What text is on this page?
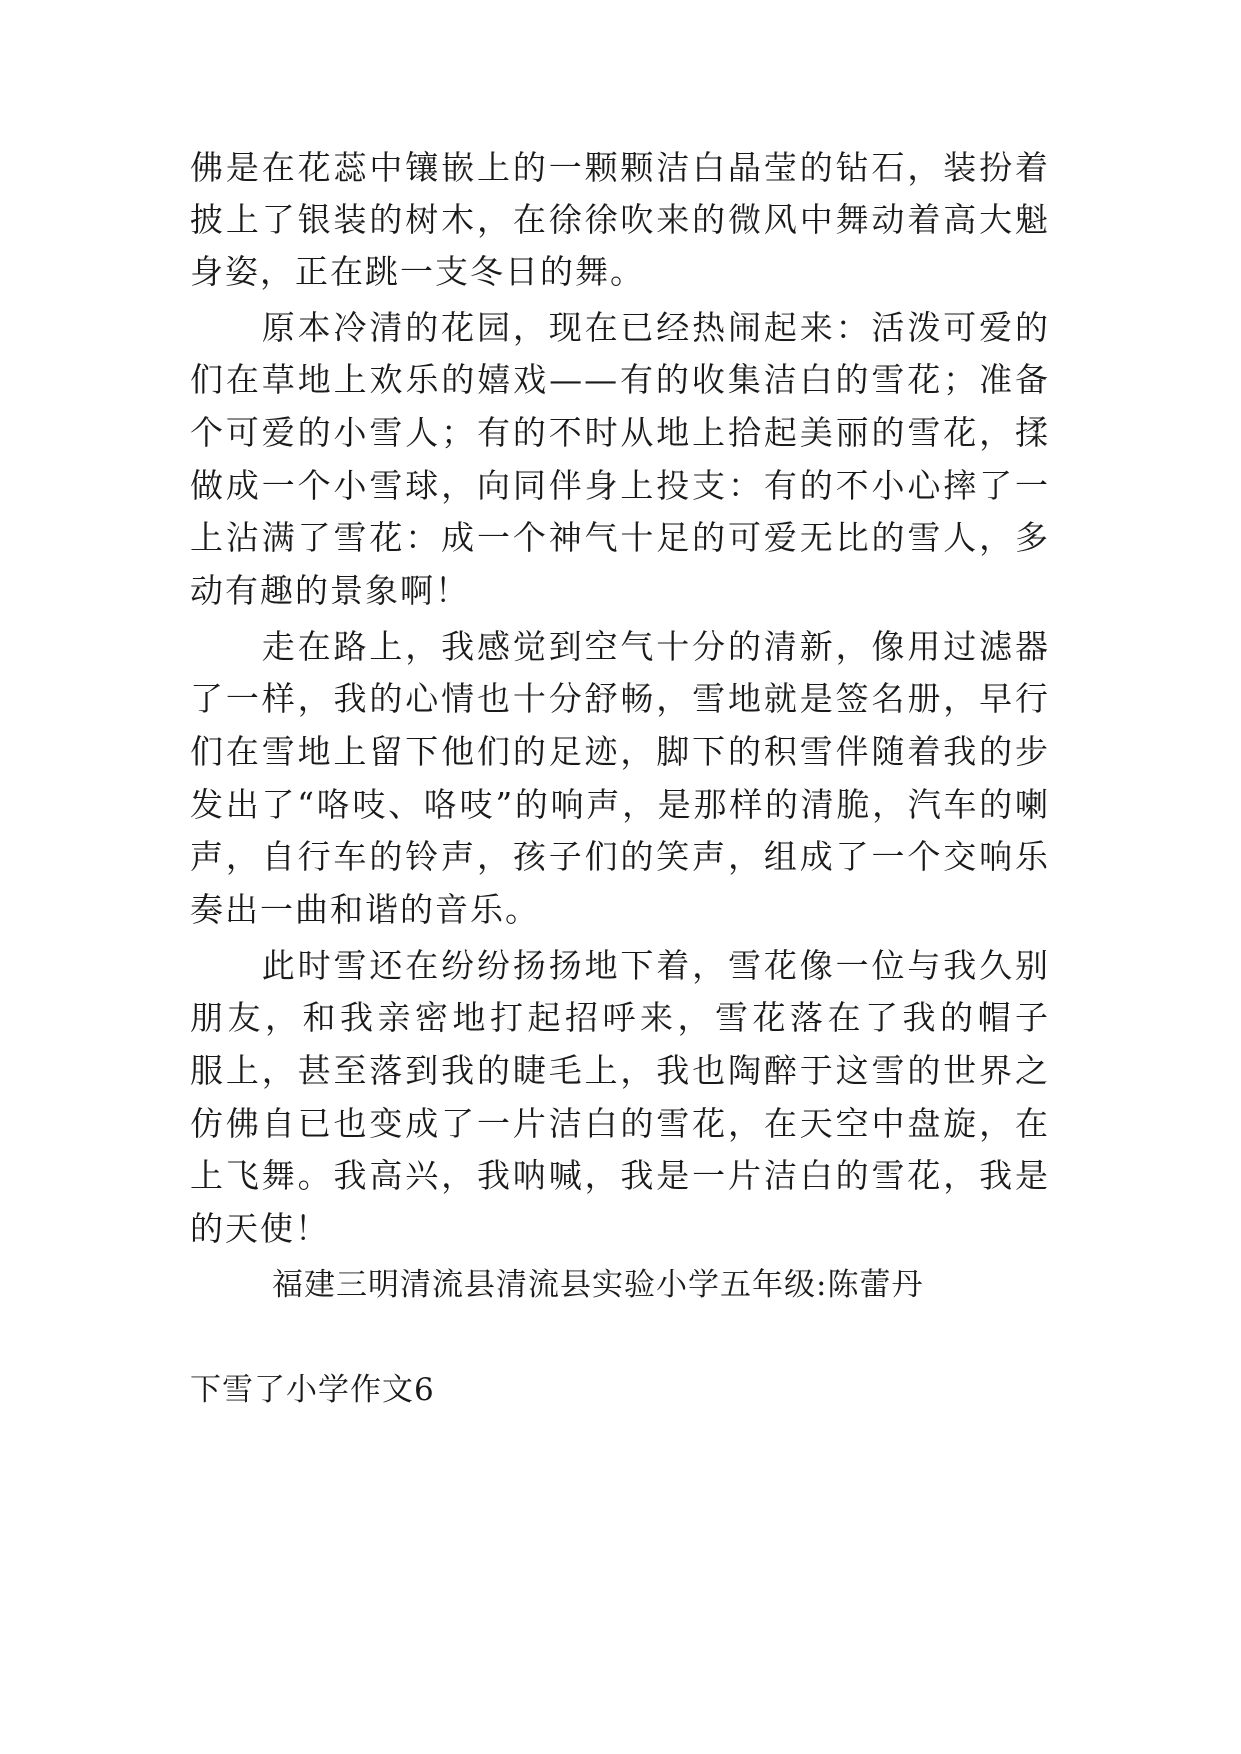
佛是在花蕊中镶嵌上的一颗颗洁白晶莹的钻石，装扮着
披上了银装的树木，在徐徐吹来的微风中舞动着高大魁
身姿，正在跳一支冬日的舞。
　　原本冷清的花园，现在已经热闹起来：活泼可爱的
们在草地上欢乐的嬉戏——有的收集洁白的雪花；准备
个可爱的小雪人；有的不时从地上拾起美丽的雪花，揉
做成一个小雪球，向同伴身上投支：有的不小心摔了一
上沾满了雪花：成一个神气十足的可爱无比的雪人，多
动有趣的景象啊！
　　走在路上，我感觉到空气十分的清新，像用过滤器
了一样，我的心情也十分舒畅，雪地就是签名册，早行
们在雪地上留下他们的足迹，脚下的积雪伴随着我的步
发出了“咯吱、咯吱”的响声，是那样的清脆，汽车的喇
声，自行车的铃声，孩子们的笑声，组成了一个交响乐
奏出一曲和谐的音乐。
　　此时雪还在纷纷扬扬地下着，雪花像一位与我久别
朋友，和我亲密地打起招呼来，雪花落在了我的帽子
服上，甚至落到我的睫毛上，我也陶醉于这雪的世界之
仿佛自已也变成了一片洁白的雪花，在天空中盘旋，在
上飞舞。我高兴，我呐喊，我是一片洁白的雪花，我是
的天使！
福建三明清流县清流县实验小学五年级:陈蕾丹
下雪了小学作文6
